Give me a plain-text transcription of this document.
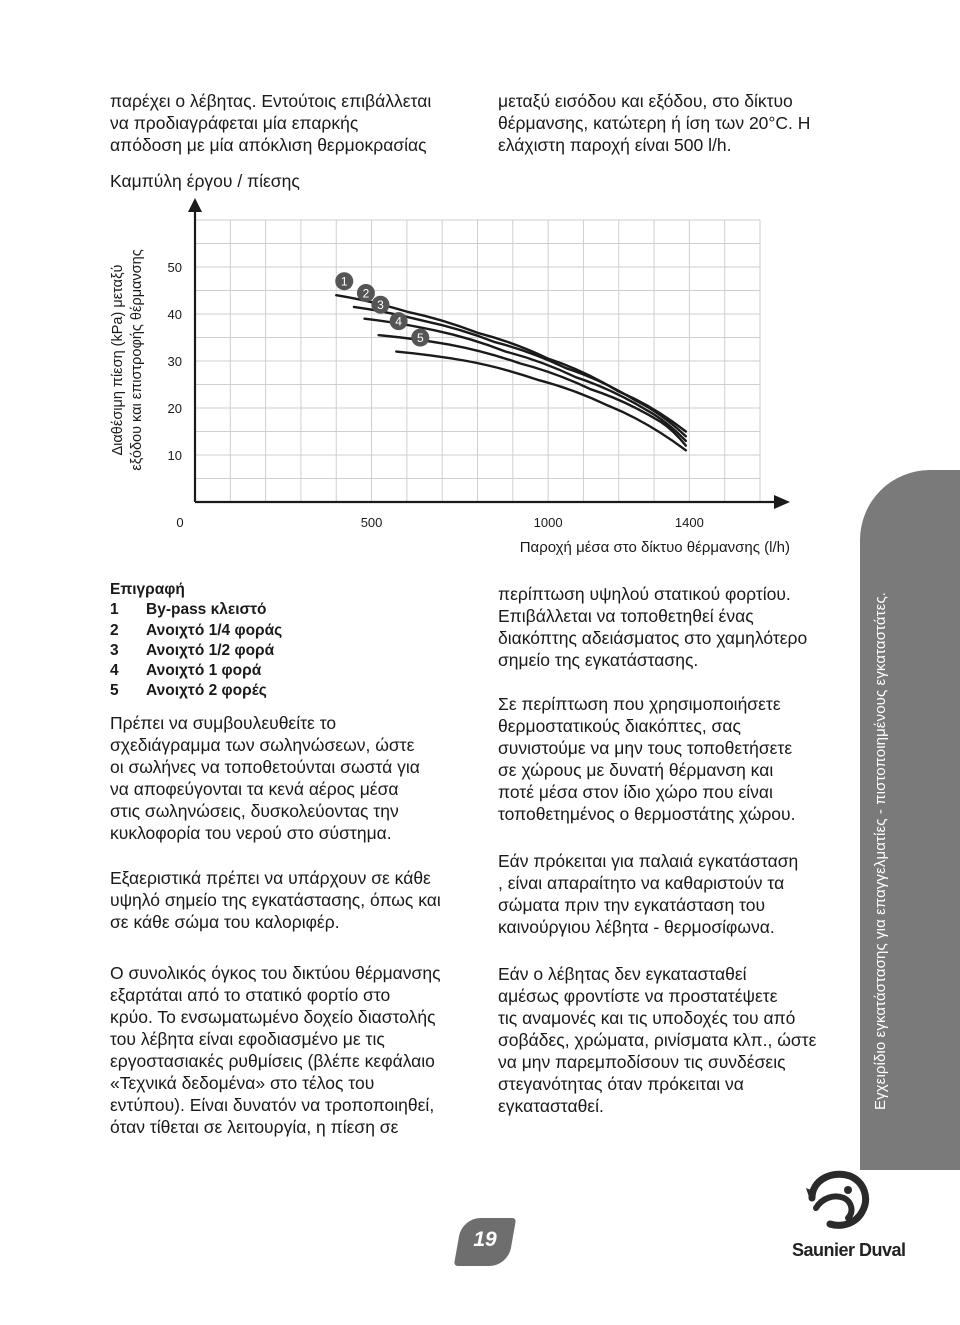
παρέχει ο λέβητας. Εντούτοις επιβάλλεται
να προδιαγράφεται μία επαρκής
απόδοση με μία απόκλιση θερμοκρασίας
μεταξύ εισόδου και εξόδου, στο δίκτυο
θέρμανσης, κατώτερη ή ίση των 20°C. Η
ελάχιστη παροχή είναι 500 l/h.
Καμπύλη έργου / πίεσης
10
20
30
40
50
0	500	1000	1400
Παροχή μέσα στο δίκτυο θέρμανσης (l/h)
Διαθέσιμη πίεση (kPa) μεταξύ εξόδου και επιστροφής θέρμανσης	1
2
3
4
5
Επιγραφή
1 By-pass κλειστό
2 Ανοιχτό 1/4 φοράς
3 Ανοιχτό 1/2 φορά
4 Ανοιχτό 1 φορά
5 Ανοιχτό 2 φορές
Πρέπει να συμβουλευθείτε το
σχεδιάγραμμα των σωληνώσεων, ώστε
οι σωλήνες να τοποθετούνται σωστά για
να αποφεύγονται τα κενά αέρος μέσα
στις σωληνώσεις, δυσκολεύοντας την
κυκλοφορία του νερού στο σύστημα.
Εξαεριστικά πρέπει να υπάρχουν σε κάθε
υψηλό σημείο της εγκατάστασης, όπως και
σε κάθε σώμα του καλοριφέρ.
Ο συνολικός όγκος του δικτύου θέρμανσης
εξαρτάται από το στατικό φορτίο στο
κρύο. Το ενσωματωμένο δοχείο διαστολής
του λέβητα είναι εφοδιασμένο με τις
εργοστασιακές ρυθμίσεις (βλέπε κεφάλαιο
«Τεχνικά δεδομένα» στο τέλος του
εντύπου). Είναι δυνατόν να τροποποιηθεί,
όταν τίθεται σε λειτουργία, η πίεση σε
περίπτωση υψηλού στατικού φορτίου.
Επιβάλλεται να τοποθετηθεί ένας
διακόπτης αδειάσματος στο χαμηλότερο
σημείο της εγκατάστασης.
Σε περίπτωση που χρησιμοποιήσετε
θερμοστατικούς διακόπτες, σας
συνιστούμε να μην τους τοποθετήσετε
σε χώρους με δυνατή θέρμανση και
ποτέ μέσα στον ίδιο χώρο που είναι
τοποθετημένος ο θερμοστάτης χώρου.
Εάν πρόκειται για παλαιά εγκατάσταση
, είναι απαραίτητο να καθαριστούν τα
σώματα πριν την εγκατάσταση του
καινούργιου λέβητα - θερμοσίφωνα.
Εάν ο λέβητας δεν εγκατασταθεί
αμέσως φροντίστε να προστατέψετε
τις αναμονές και τις υποδοχές του από
σοβάδες, χρώματα, ρινίσματα κλπ., ώστε
να μην παρεμποδίσουν τις συνδέσεις
στεγανότητας όταν πρόκειται να
εγκατασταθεί.	Εγχειρίδιο εγκατάστασης για επαγγελματίες - πιστοποιημένους εγκαταστάτες.
19	Saunier Duval
